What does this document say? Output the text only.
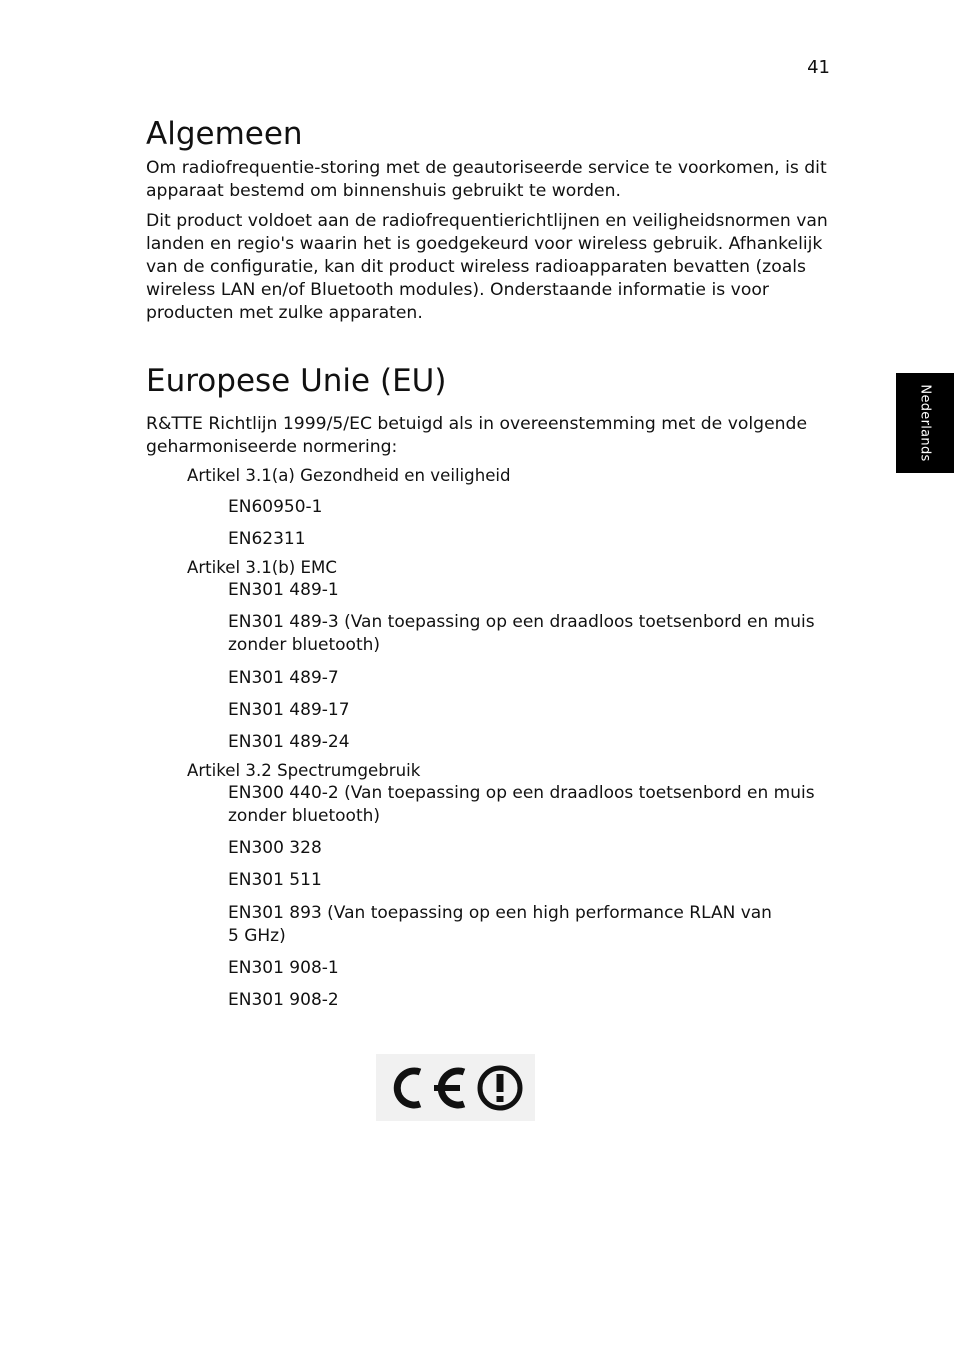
41
Nederlands
Algemeen

Om radiofrequentie-storing met de geautoriseerde service te voorkomen, is dit apparaat bestemd om binnenshuis gebruikt te worden.

Dit product voldoet aan de radiofrequentierichtlijnen en veiligheidsnormen van landen en regio's waarin het is goedgekeurd voor wireless gebruik. Afhankelijk van de configuratie, kan dit product wireless radioapparaten bevatten (zoals wireless LAN en/of Bluetooth modules). Onderstaande informatie is voor producten met zulke apparaten.

Europese Unie (EU)

R&TTE Richtlijn 1999/5/EC betuigd als in overeenstemming met de volgende geharmoniseerde normering:

Artikel 3.1(a) Gezondheid en veiligheid
EN60950-1
EN62311
Artikel 3.1(b) EMC
EN301 489-1
EN301 489-3 (Van toepassing op een draadloos toetsenbord en muis zonder bluetooth)
EN301 489-7
EN301 489-17
EN301 489-24
Artikel 3.2 Spectrumgebruik
EN300 440-2 (Van toepassing op een draadloos toetsenbord en muis zonder bluetooth)
EN300 328
EN301 511
EN301 893 (Van toepassing op een high performance RLAN van 5 GHz)
EN301 908-1
EN301 908-2
